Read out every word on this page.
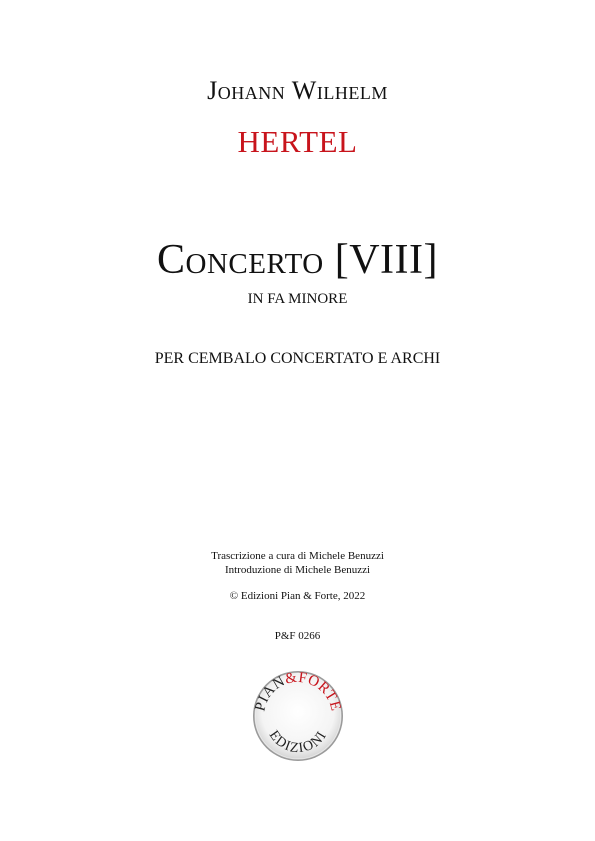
Johann Wilhelm
HERTEL
Concerto [VIII]
IN FA MINORE
PER CEMBALO CONCERTATO E ARCHI
Trascrizione a cura di Michele Benuzzi
Introduzione di Michele Benuzzi
© Edizioni Pian & Forte, 2022
P&F 0266
PIAN&FORTE
EDIZIONI
